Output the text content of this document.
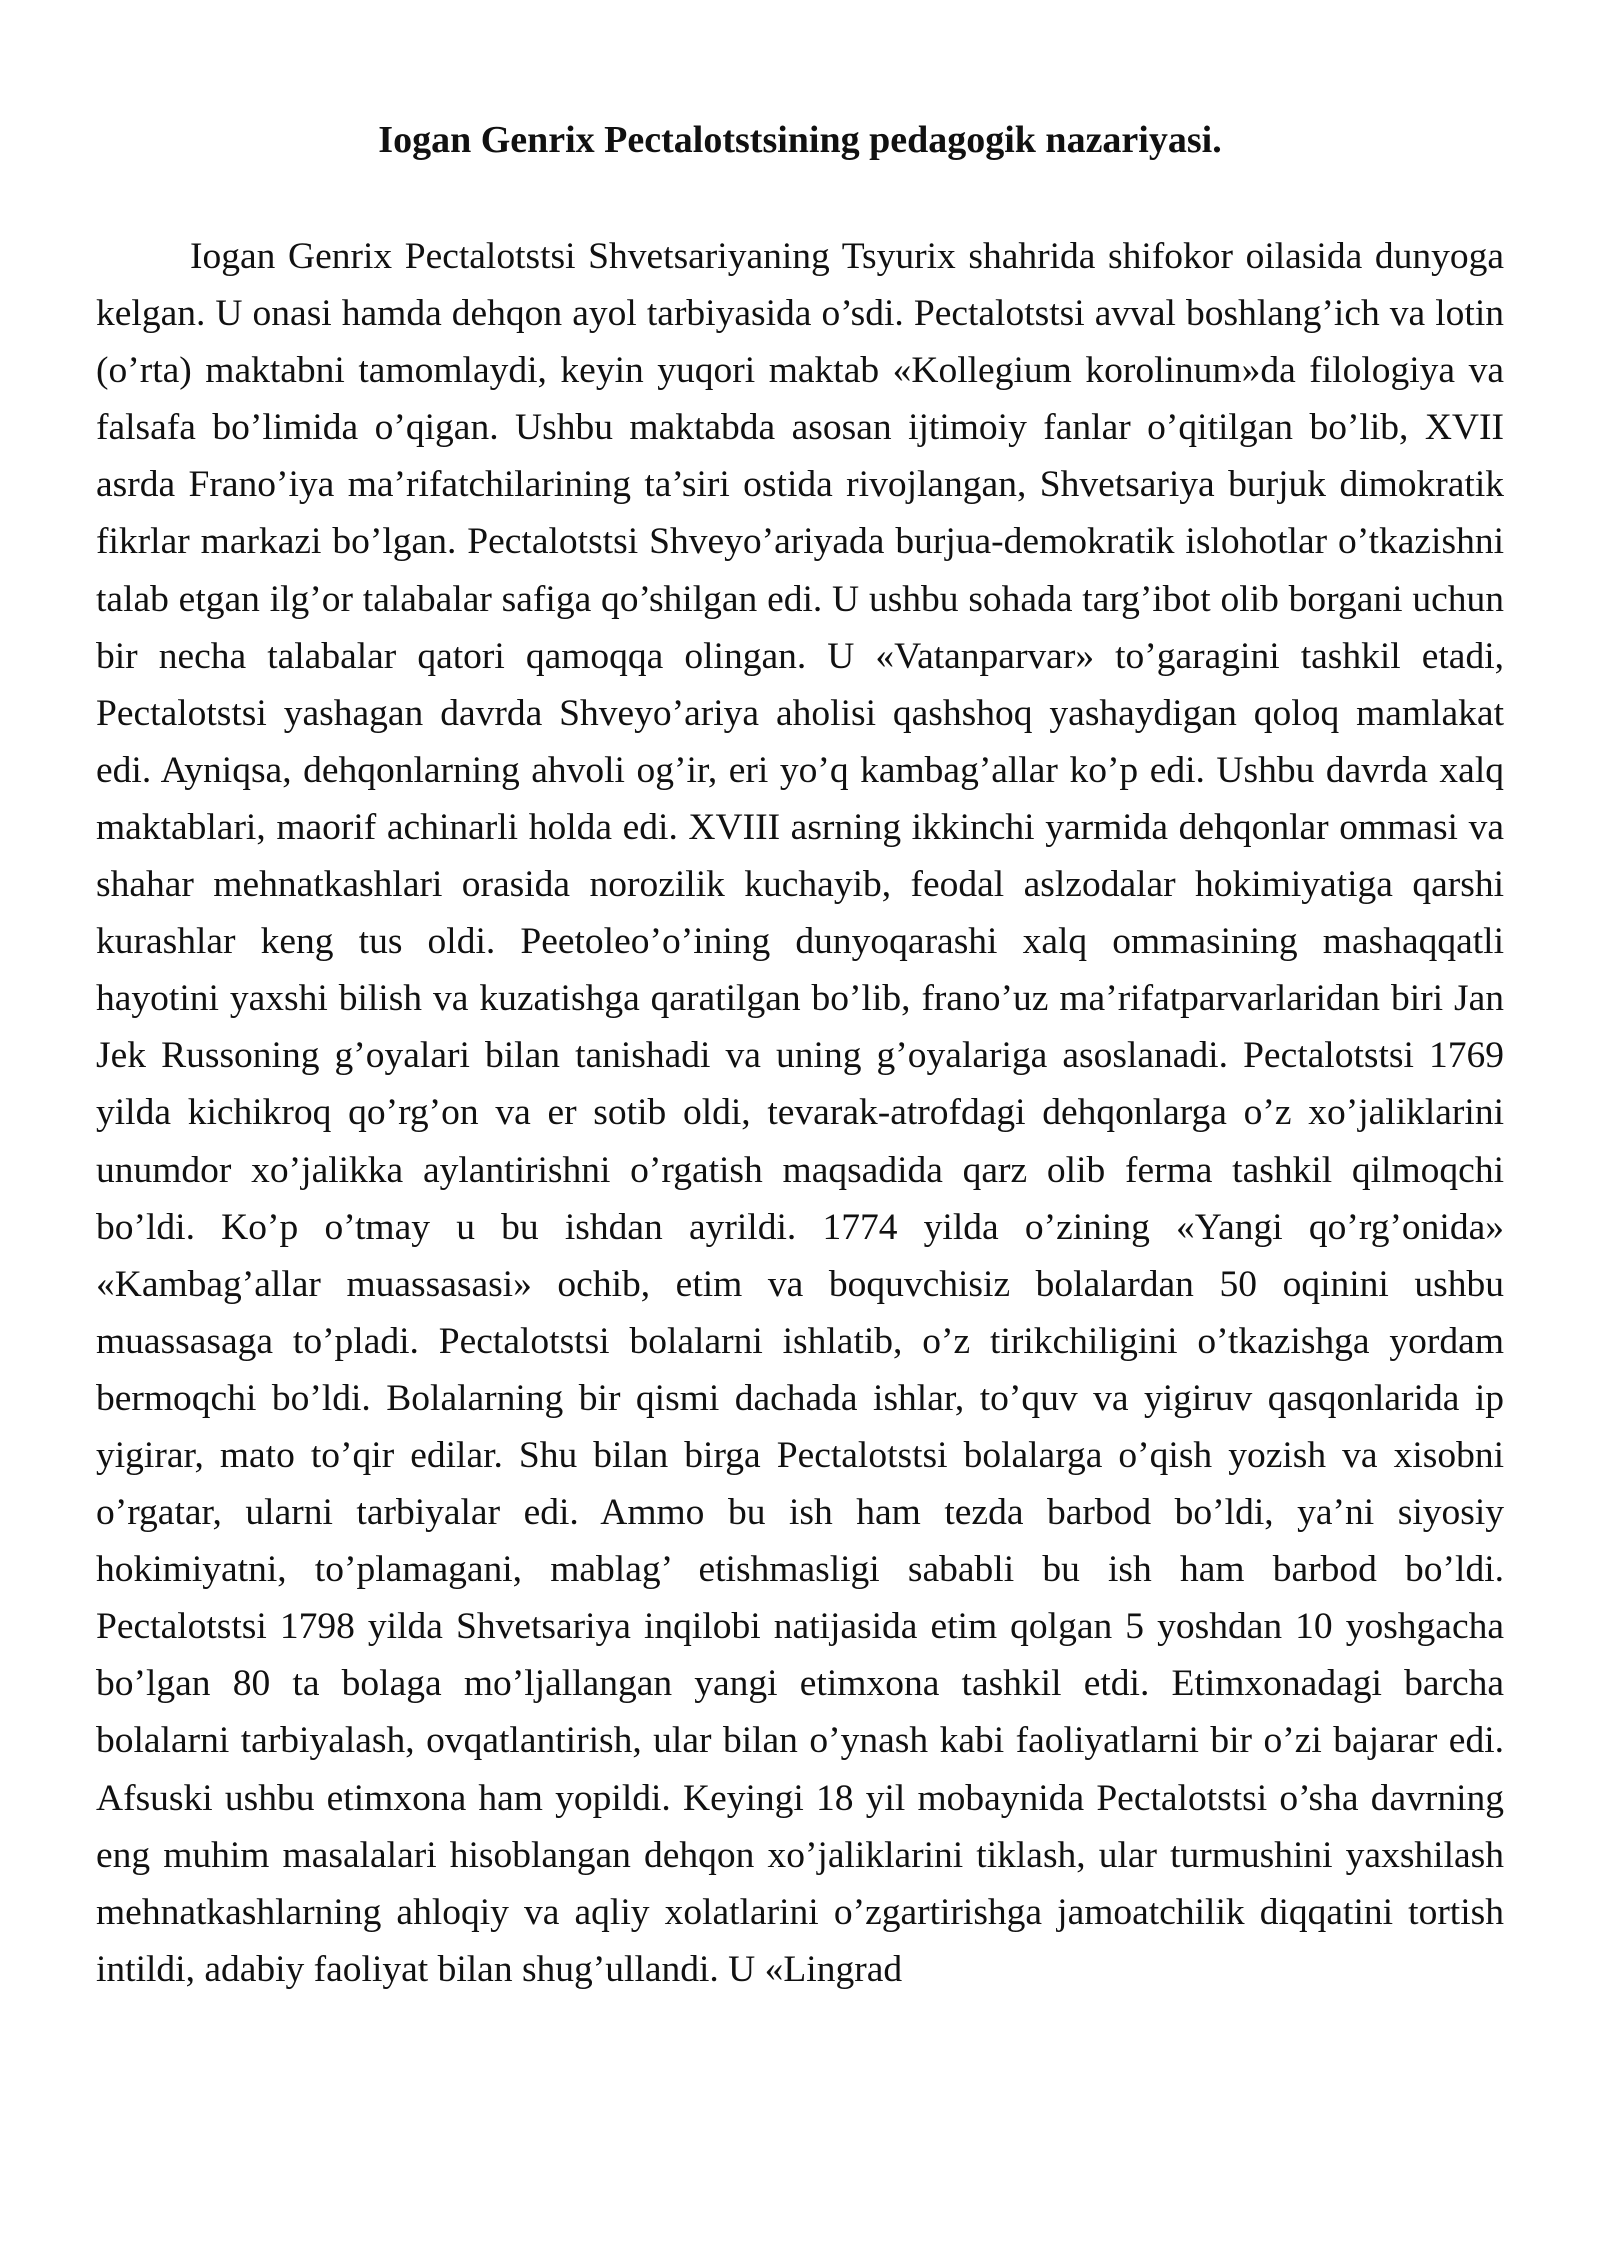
Iogan Genrix Pectalotstsining pedagogik nazariyasi.

Iogan Genrix Pectalotstsi Shvetsariyaning Tsyurix shahrida shifokor oilasida dunyoga kelgan. U onasi hamda dehqon ayol tarbiyasida o’sdi. Pectalotstsi avval boshlang’ich va lotin (o’rta) maktabni tamomlaydi, keyin yuqori maktab «Kollegium korolinum»da filologiya va falsafa bo’limida o’qigan. Ushbu maktabda asosan ijtimoiy fanlar o’qitilgan bo’lib, XVII asrda Frano’iya ma’rifatchilarining ta’siri ostida rivojlangan, Shvetsariya burjuk dimokratik fikrlar markazi bo’lgan. Pectalotstsi Shveyo’ariyada burjua-demokratik islohotlar o’tkazishni talab etgan ilg’or talabalar safiga qo’shilgan edi. U ushbu sohada targ’ibot olib borgani uchun bir necha talabalar qatori qamoqqa olingan. U «Vatanparvar» to’garagini tashkil etadi, Pectalotstsi yashagan davrda Shveyo’ariya aholisi qashshoq yashaydigan qoloq mamlakat edi. Ayniqsa, dehqonlarning ahvoli og’ir, eri yo’q kambag’allar ko’p edi. Ushbu davrda xalq maktablari, maorif achinarli holda edi. XVIII asrning ikkinchi yarmida dehqonlar ommasi va shahar mehnatkashlari orasida norozilik kuchayib, feodal aslzodalar hokimiyatiga qarshi kurashlar keng tus oldi. Peetoleo’o’ining dunyoqarashi xalq ommasining mashaqqatli hayotini yaxshi bilish va kuzatishga qaratilgan bo’lib, frano’uz ma’rifatparvarlaridan biri Jan Jek Russoning g’oyalari bilan tanishadi va uning g’oyalariga asoslanadi. Pectalotstsi 1769 yilda kichikroq qo’rg’on va er sotib oldi, tevarak-atrofdagi dehqonlarga o’z xo’jaliklarini unumdor xo’jalikka aylantirishni o’rgatish maqsadida qarz olib ferma tashkil qilmoqchi bo’ldi. Ko’p o’tmay u bu ishdan ayrildi. 1774 yilda o’zining «Yangi qo’rg’onida» «Kambag’allar muassasasi» ochib, etim va boquvchisiz bolalardan 50 oqinini ushbu muassasaga to’pladi. Pectalotstsi bolalarni ishlatib, o’z tirikchiligini o’tkazishga yordam bermoqchi bo’ldi. Bolalarning bir qismi dachada ishlar, to’quv va yigiruv qasqonlarida ip yigirar, mato to’qir edilar. Shu bilan birga Pectalotstsi bolalarga o’qish yozish va xisobni o’rgatar, ularni tarbiyalar edi. Ammo bu ish ham tezda barbod bo’ldi, ya’ni siyosiy hokimiyatni, to’plamagani, mablag’ etishmasligi sababli bu ish ham barbod bo’ldi. Pectalotstsi 1798 yilda Shvetsariya inqilobi natijasida etim qolgan 5 yoshdan 10 yoshgacha bo’lgan 80 ta bolaga mo’ljallangan yangi etimxona tashkil etdi. Etimxonadagi barcha bolalarni tarbiyalash, ovqatlantirish, ular bilan o’ynash kabi faoliyatlarni bir o’zi bajarar edi. Afsuski ushbu etimxona ham yopildi. Keyingi 18 yil mobaynida Pectalotstsi o’sha davrning eng muhim masalalari hisoblangan dehqon xo’jaliklarini tiklash, ular turmushini yaxshilash mehnatkashlarning ahloqiy va aqliy xolatlarini o’zgartirishga jamoatchilik diqqatini tortish intildi, adabiy faoliyat bilan shug’ullandi. U «Lingrad
